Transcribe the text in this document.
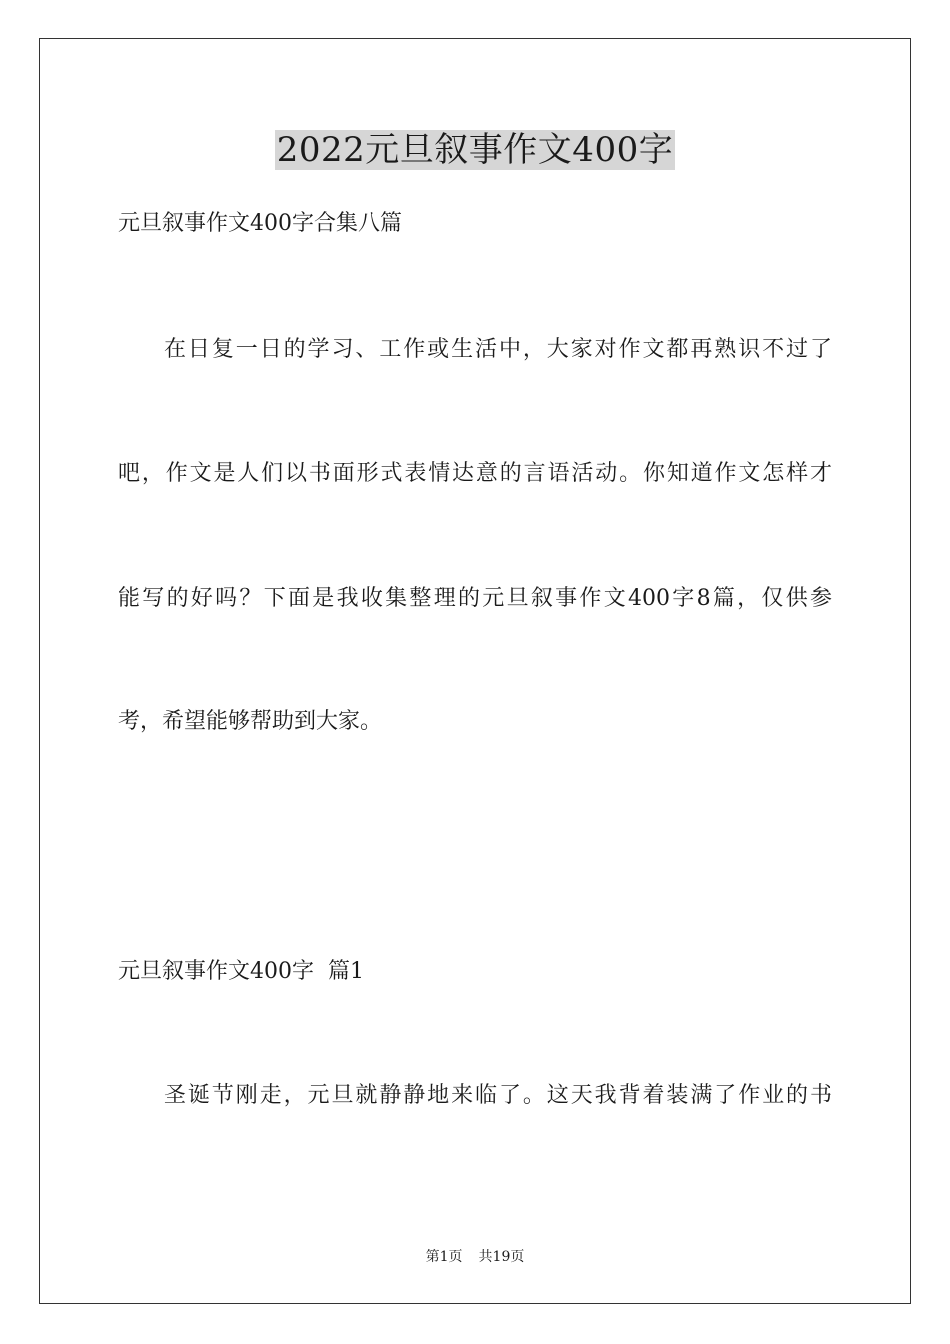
2022元旦叙事作文400字
元旦叙事作文400字合集八篇
在日复一日的学习、工作或生活中，大家对作文都再熟识不过了
吧，作文是人们以书面形式表情达意的言语活动。你知道作文怎样才
能写的好吗？下面是我收集整理的元旦叙事作文400字8篇，仅供参
考，希望能够帮助到大家。
元旦叙事作文400字  篇1
圣诞节刚走，元旦就静静地来临了。这天我背着装满了作业的书
第1页 共19页
